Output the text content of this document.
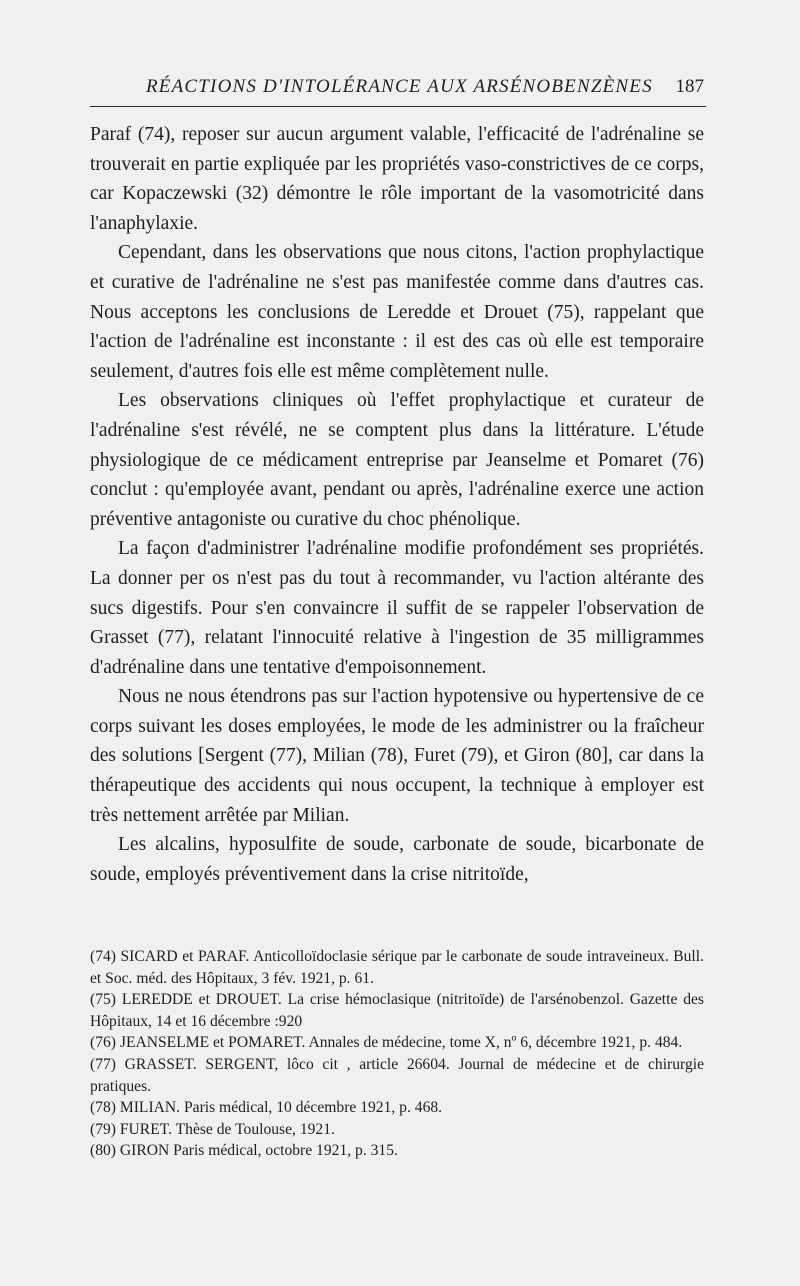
RÉACTIONS D'INTOLÉRANCE AUX ARSÉNOBENZÈNES 187

Paraf (74), reposer sur aucun argument valable, l'efficacité de l'adrénaline se trouverait en partie expliquée par les propriétés vaso-constrictives de ce corps, car Kopaczewski (32) démontre le rôle important de la vasomotricité dans l'anaphylaxie.

Cependant, dans les observations que nous citons, l'action prophylactique et curative de l'adrénaline ne s'est pas manifestée comme dans d'autres cas. Nous acceptons les conclusions de Leredde et Drouet (75), rappelant que l'action de l'adrénaline est inconstante : il est des cas où elle est temporaire seulement, d'autres fois elle est même complètement nulle.

Les observations cliniques où l'effet prophylactique et curateur de l'adrénaline s'est révélé, ne se comptent plus dans la littérature. L'étude physiologique de ce médicament entreprise par Jeanselme et Pomaret (76) conclut : qu'employée avant, pendant ou après, l'adrénaline exerce une action préventive antagoniste ou curative du choc phénolique.

La façon d'administrer l'adrénaline modifie profondément ses propriétés. La donner per os n'est pas du tout à recommander, vu l'action altérante des sucs digestifs. Pour s'en convaincre il suffit de se rappeler l'observation de Grasset (77), relatant l'innocuité relative à l'ingestion de 35 milligrammes d'adrénaline dans une tentative d'empoisonnement.

Nous ne nous étendrons pas sur l'action hypotensive ou hypertensive de ce corps suivant les doses employées, le mode de les administrer ou la fraîcheur des solutions [Sergent (77), Milian (78), Furet (79), et Giron (80], car dans la thérapeutique des accidents qui nous occupent, la technique à employer est très nettement arrêtée par Milian.

Les alcalins, hyposulfite de soude, carbonate de soude, bicarbonate de soude, employés préventivement dans la crise nitritoïde,

(74) SICARD et PARAF. Anticolloïdoclasie sérique par le carbonate de soude intraveineux. Bull. et Soc. méd. des Hôpitaux, 3 fév. 1921, p. 61.

(75) LEREDDE et DROUET. La crise hémoclasique (nitritoïde) de l'arsénobenzol. Gazette des Hôpitaux, 14 et 16 décembre :920

(76) JEANSELME et POMARET. Annales de médecine, tome X, nº 6, décembre 1921, p. 484.

(77) GRASSET. SERGENT, lôco cit , article 26604. Journal de médecine et de chirurgie pratiques.

(78) MILIAN. Paris médical, 10 décembre 1921, p. 468.

(79) FURET. Thèse de Toulouse, 1921.

(80) GIRON Paris médical, octobre 1921, p. 315.
